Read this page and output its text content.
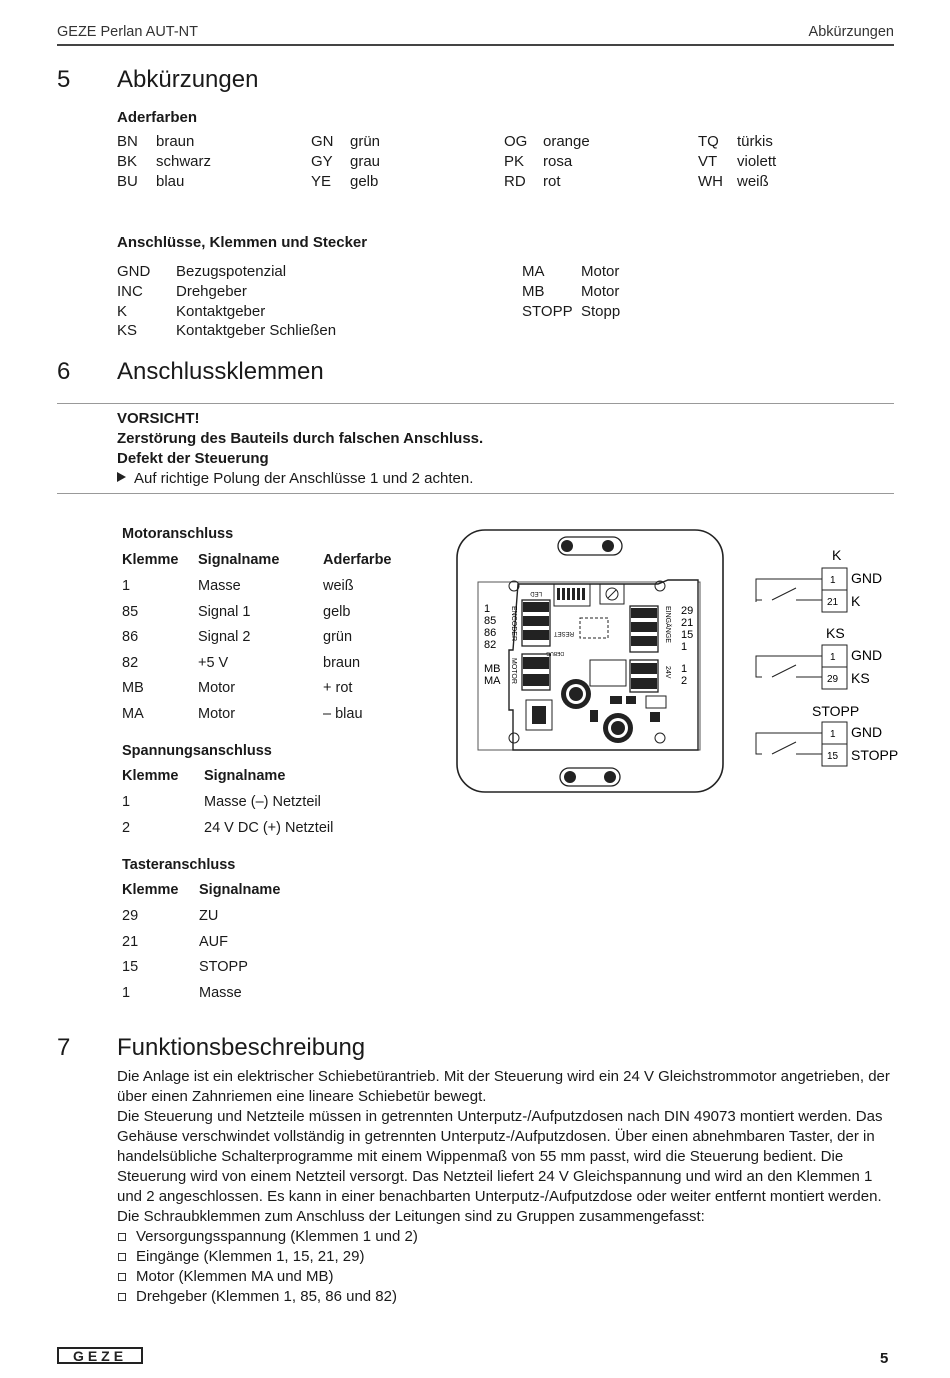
GEZE Perlan AUT-NT	Abkürzungen
5 Abkürzungen
Aderfarben
BN braun
BK schwarz
BU blau
GN grün
GY grau
YE gelb
OG orange
PK rosa
RD rot
TQ türkis
VT violett
WH weiß
Anschlüsse, Klemmen und Stecker
GND Bezugspotenzial
INC Drehgeber
K	Kontaktgeber
KS	Kontaktgeber Schließen
MA Motor
MB Motor
STOPP Stopp
6 Anschlussklemmen
VORSICHT!
Zerstörung des Bauteils durch falschen Anschluss.
Defekt der Steuerung
Auf richtige Polung der Anschlüsse 1 und 2 achten.
Motoranschluss
Klemme Signalname	Aderfarbe
1	Masse	weiß
85	Signal 1	gelb
86	Signal 2	grün
82	+5 V	braun
MB	Motor	+ rot
MA	Motor	– blau
Spannungsanschluss
Klemme Signalname
1	Masse (–) Netzteil
2	24 V DC (+) Netzteil
Tasteranschluss
Klemme Signalname
29	ZU
21	AUF
15	STOPP
1	Masse
1
85
86
82
MB
MA
29
21
15
1
1
2
ENCODER
MOTOR
EINGÄNGE
24V
RESET
LED
DEBUG
K
1
21
GND
K
KS
1
29
GND
KS
STOPP
1
15
GND
STOPP
7 Funktionsbeschreibung

Die Anlage ist ein elektrischer Schiebetürantrieb. Mit der Steuerung wird ein 24 V Gleichstrommotor angetrieben, der über einen Zahnriemen eine lineare Schiebetür bewegt.

Die Steuerung und Netzteile müssen in getrennten Unterputz-/Aufputzdosen nach DIN 49073 montiert werden. Das Gehäuse verschwindet vollständig in getrennten Unterputz-/Aufputzdosen. Über einen abnehmbaren Taster, der in handelsübliche Schalterprogramme mit einem Wippenmaß von 55 mm passt, wird die Steuerung bedient. Die Steuerung wird von einem Netzteil versorgt. Das Netzteil liefert 24 V Gleichspannung und wird an den Klemmen 1 und 2 angeschlossen. Es kann in einer benachbarten Unterputz-/Aufputzdose oder weiter entfernt montiert werden.

Die Schraubklemmen zum Anschluss der Leitungen sind zu Gruppen zusammengefasst:

Versorgungsspannung (Klemmen 1 und 2)
Eingänge (Klemmen 1, 15, 21, 29)
Motor (Klemmen MA und MB)
Drehgeber (Klemmen 1, 85, 86 und 82)
GEZE	5
